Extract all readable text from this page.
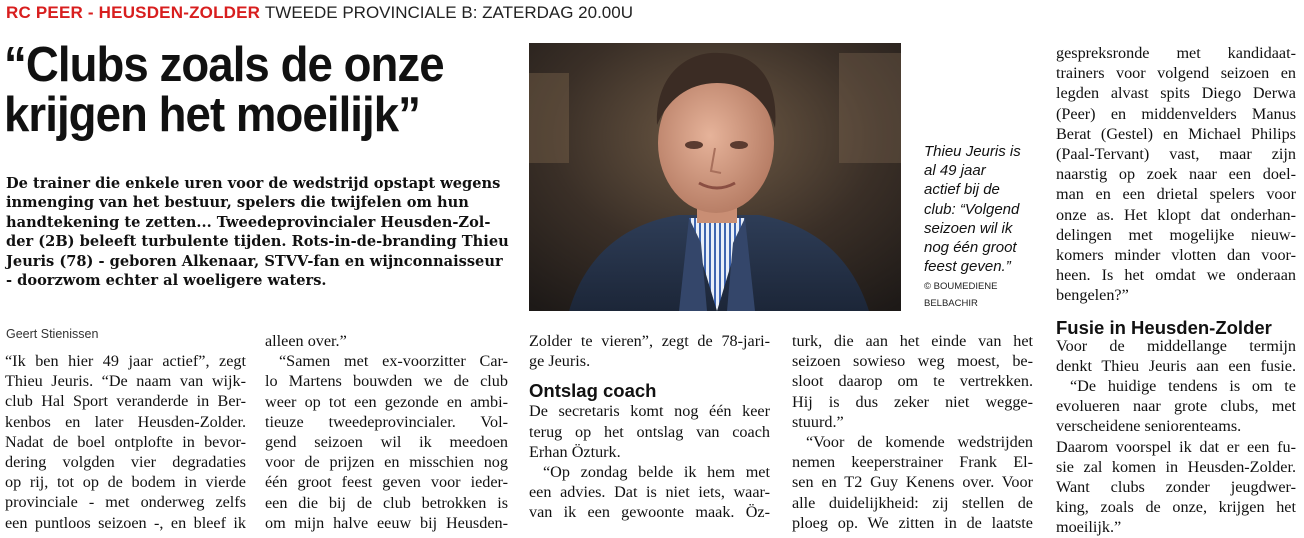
RC PEER - HEUSDEN-ZOLDER TWEEDE PROVINCIALE B: ZATERDAG 20.00U
“Clubs zoals de onze
krijgen het moeilijk”
De trainer die enkele uren voor de wedstrijd opstapt wegens
inmenging van het bestuur, spelers die twijfelen om hun
handtekening te zetten... Tweedeprovincialer Heusden-Zol-
der (2B) beleeft turbulente tijden. Rots-in-de-branding Thieu
Jeuris (78) - geboren Alkenaar, STVV-fan en wijnconnaisseur
- doorzwom echter al woeligere waters.
Geert Stienissen
“Ik ben hier 49 jaar actief”, zegt
Thieu Jeuris. “De naam van wijk-
club Hal Sport veranderde in Ber-
kenbos en later Heusden-Zolder.
Nadat de boel ontplofte in bevor-
dering volgden vier degradaties
op rij, tot op de bodem in vierde
provinciale - met onderweg zelfs
een puntloos seizoen -, en bleef ik
alleen over.”
“Samen met ex-voorzitter Car-
lo Martens bouwden we de club
weer op tot een gezonde en ambi-
tieuze tweedeprovincialer. Vol-
gend seizoen wil ik meedoen
voor de prijzen en misschien nog
één groot feest geven voor ieder-
een die bij de club betrokken is
om mijn halve eeuw bij Heusden-
Thieu Jeuris is
al 49 jaar
actief bij de
club: “Volgend
seizoen wil ik
nog één groot
feest geven.”
© BOUMEDIENE
BELBACHIR
Zolder te vieren”, zegt de 78-jari-
ge Jeuris.
Ontslag coach
De secretaris komt nog één keer
terug op het ontslag van coach
Erhan Özturk.
“Op zondag belde ik hem met
een advies. Dat is niet iets, waar-
van ik een gewoonte maak. Öz-
turk, die aan het einde van het
seizoen sowieso weg moest, be-
sloot daarop om te vertrekken.
Hij is dus zeker niet wegge-
stuurd.”
“Voor de komende wedstrijden
nemen keeperstrainer Frank El-
sen en T2 Guy Kenens over. Voor
alle duidelijkheid: zij stellen de
ploeg op. We zitten in de laatste
gespreksronde met kandidaat-
trainers voor volgend seizoen en
legden alvast spits Diego Derwa
(Peer) en middenvelders Manus
Berat (Gestel) en Michael Philips
(Paal-Tervant) vast, maar zijn
naarstig op zoek naar een doel-
man en een drietal spelers voor
onze as. Het klopt dat onderhan-
delingen met mogelijke nieuw-
komers minder vlotten dan voor-
heen. Is het omdat we onderaan
bengelen?”
Fusie in Heusden-Zolder
Voor de middellange termijn
denkt Thieu Jeuris aan een fusie.
“De huidige tendens is om te
evolueren naar grote clubs, met
verscheidene seniorenteams.
Daarom voorspel ik dat er een fu-
sie zal komen in Heusden-Zolder.
Want clubs zonder jeugdwer-
king, zoals de onze, krijgen het
moeilijk.”
